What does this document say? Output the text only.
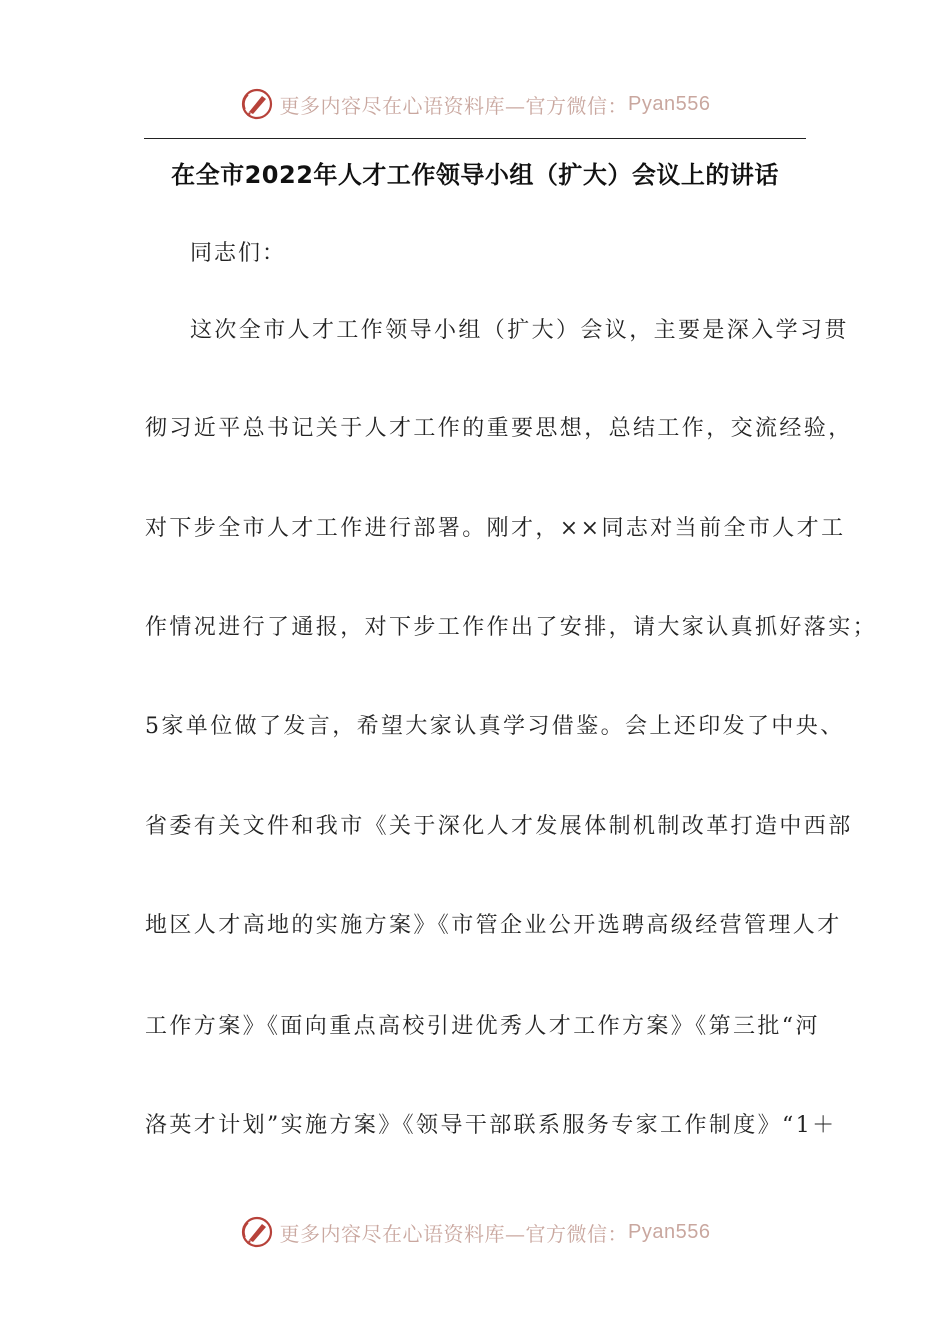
更多内容尽在心语资料库—官方微信： Pyan556
在全市2022年人才工作领导小组（扩大）会议上的讲话
同志们：
这次全市人才工作领导小组（扩大）会议，主要是深入学习贯
彻习近平总书记关于人才工作的重要思想，总结工作，交流经验，
对下步全市人才工作进行部署。刚才，××同志对当前全市人才工
作情况进行了通报，对下步工作作出了安排，请大家认真抓好落实；
5家单位做了发言，希望大家认真学习借鉴。会上还印发了中央、
省委有关文件和我市《关于深化人才发展体制机制改革打造中西部
地区人才高地的实施方案》《市管企业公开选聘高级经营管理人才
工作方案》《面向重点高校引进优秀人才工作方案》《第三批“河
洛英才计划”实施方案》《领导干部联系服务专家工作制度》“1＋
更多内容尽在心语资料库—官方微信： Pyan556
